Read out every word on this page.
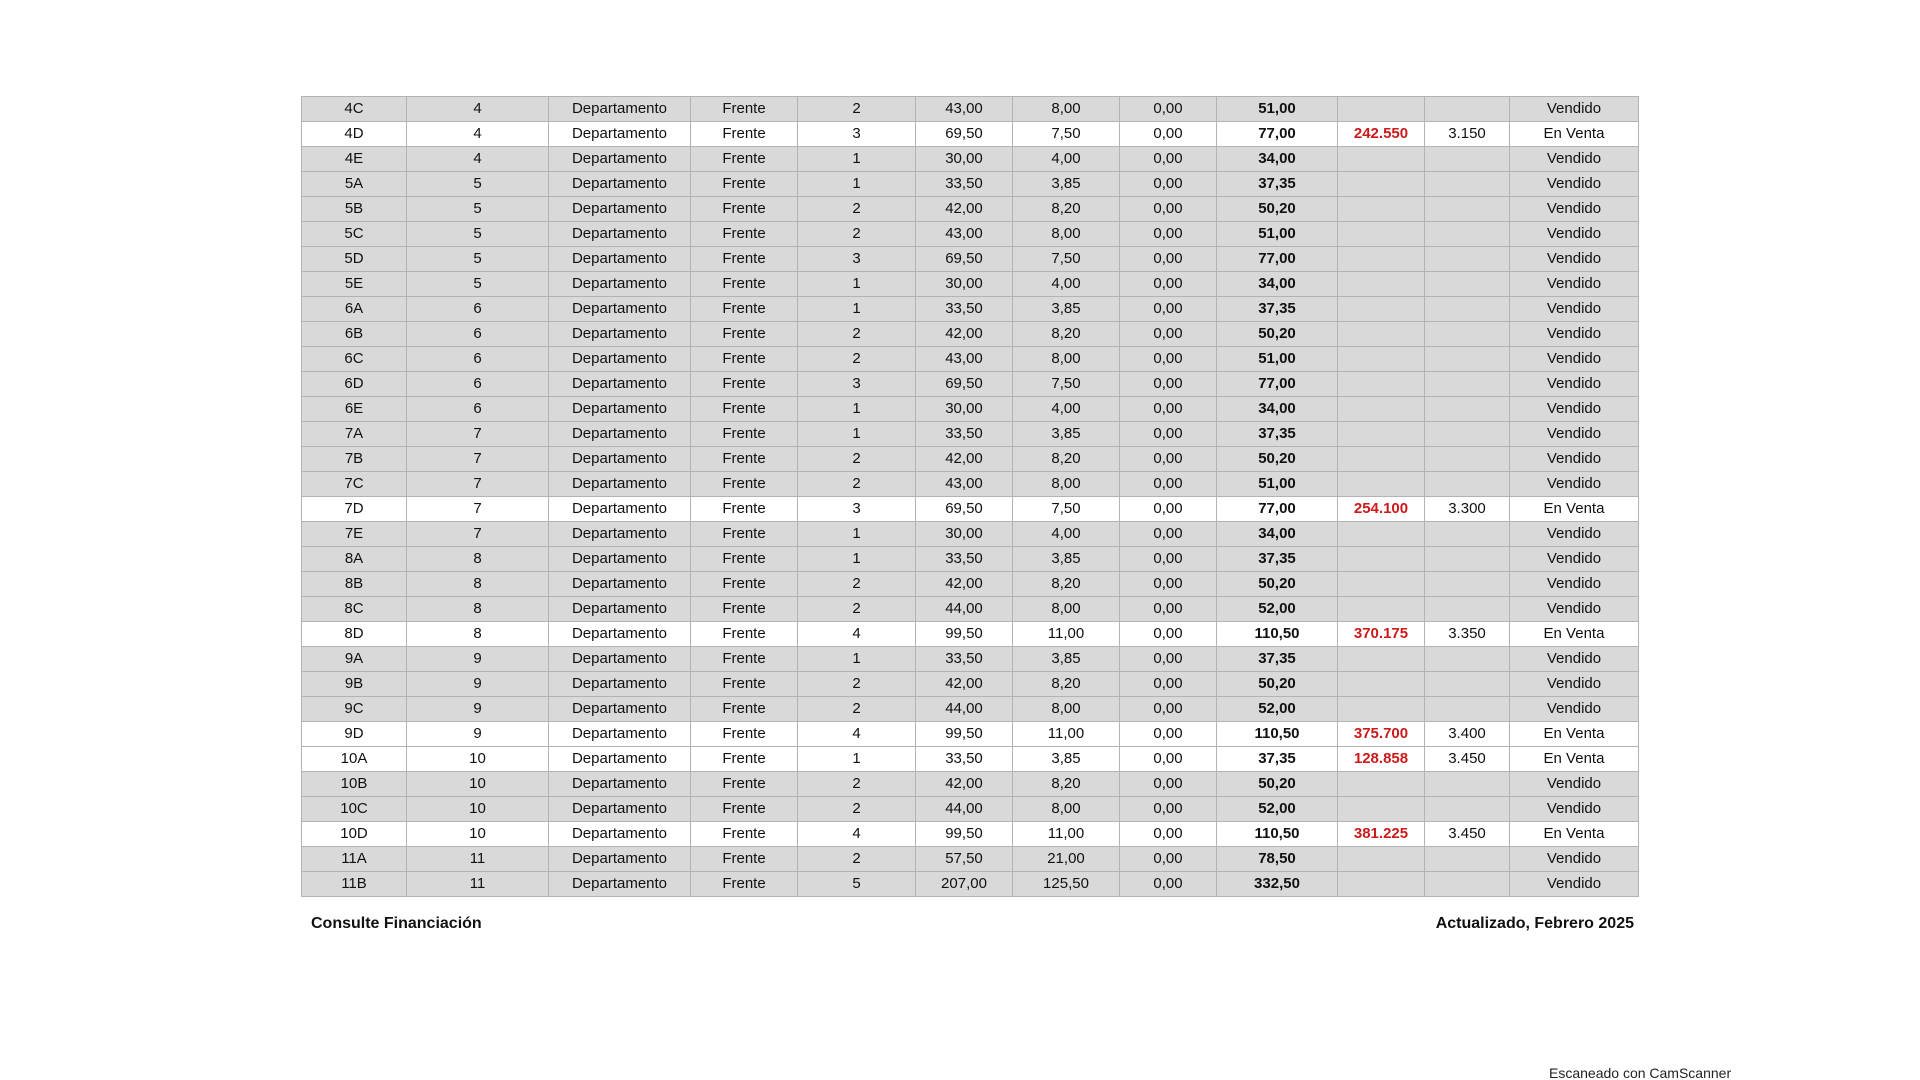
4C	4	Departamento	Frente	2	43,00	8,00	0,00	51,00			Vendido
4D	4	Departamento	Frente	3	69,50	7,50	0,00	77,00	242.550	3.150	En Venta
4E	4	Departamento	Frente	1	30,00	4,00	0,00	34,00			Vendido
5A	5	Departamento	Frente	1	33,50	3,85	0,00	37,35			Vendido
5B	5	Departamento	Frente	2	42,00	8,20	0,00	50,20			Vendido
5C	5	Departamento	Frente	2	43,00	8,00	0,00	51,00			Vendido
5D	5	Departamento	Frente	3	69,50	7,50	0,00	77,00			Vendido
5E	5	Departamento	Frente	1	30,00	4,00	0,00	34,00			Vendido
6A	6	Departamento	Frente	1	33,50	3,85	0,00	37,35			Vendido
6B	6	Departamento	Frente	2	42,00	8,20	0,00	50,20			Vendido
6C	6	Departamento	Frente	2	43,00	8,00	0,00	51,00			Vendido
6D	6	Departamento	Frente	3	69,50	7,50	0,00	77,00			Vendido
6E	6	Departamento	Frente	1	30,00	4,00	0,00	34,00			Vendido
7A	7	Departamento	Frente	1	33,50	3,85	0,00	37,35			Vendido
7B	7	Departamento	Frente	2	42,00	8,20	0,00	50,20			Vendido
7C	7	Departamento	Frente	2	43,00	8,00	0,00	51,00			Vendido
7D	7	Departamento	Frente	3	69,50	7,50	0,00	77,00	254.100	3.300	En Venta
7E	7	Departamento	Frente	1	30,00	4,00	0,00	34,00			Vendido
8A	8	Departamento	Frente	1	33,50	3,85	0,00	37,35			Vendido
8B	8	Departamento	Frente	2	42,00	8,20	0,00	50,20			Vendido
8C	8	Departamento	Frente	2	44,00	8,00	0,00	52,00			Vendido
8D	8	Departamento	Frente	4	99,50	11,00	0,00	110,50	370.175	3.350	En Venta
9A	9	Departamento	Frente	1	33,50	3,85	0,00	37,35			Vendido
9B	9	Departamento	Frente	2	42,00	8,20	0,00	50,20			Vendido
9C	9	Departamento	Frente	2	44,00	8,00	0,00	52,00			Vendido
9D	9	Departamento	Frente	4	99,50	11,00	0,00	110,50	375.700	3.400	En Venta
10A	10	Departamento	Frente	1	33,50	3,85	0,00	37,35	128.858	3.450	En Venta
10B	10	Departamento	Frente	2	42,00	8,20	0,00	50,20			Vendido
10C	10	Departamento	Frente	2	44,00	8,00	0,00	52,00			Vendido
10D	10	Departamento	Frente	4	99,50	11,00	0,00	110,50	381.225	3.450	En Venta
11A	11	Departamento	Frente	2	57,50	21,00	0,00	78,50			Vendido
11B	11	Departamento	Frente	5	207,00	125,50	0,00	332,50			Vendido
Consulte Financiación	Actualizado, Febrero 2025
Escaneado con CamScanner
